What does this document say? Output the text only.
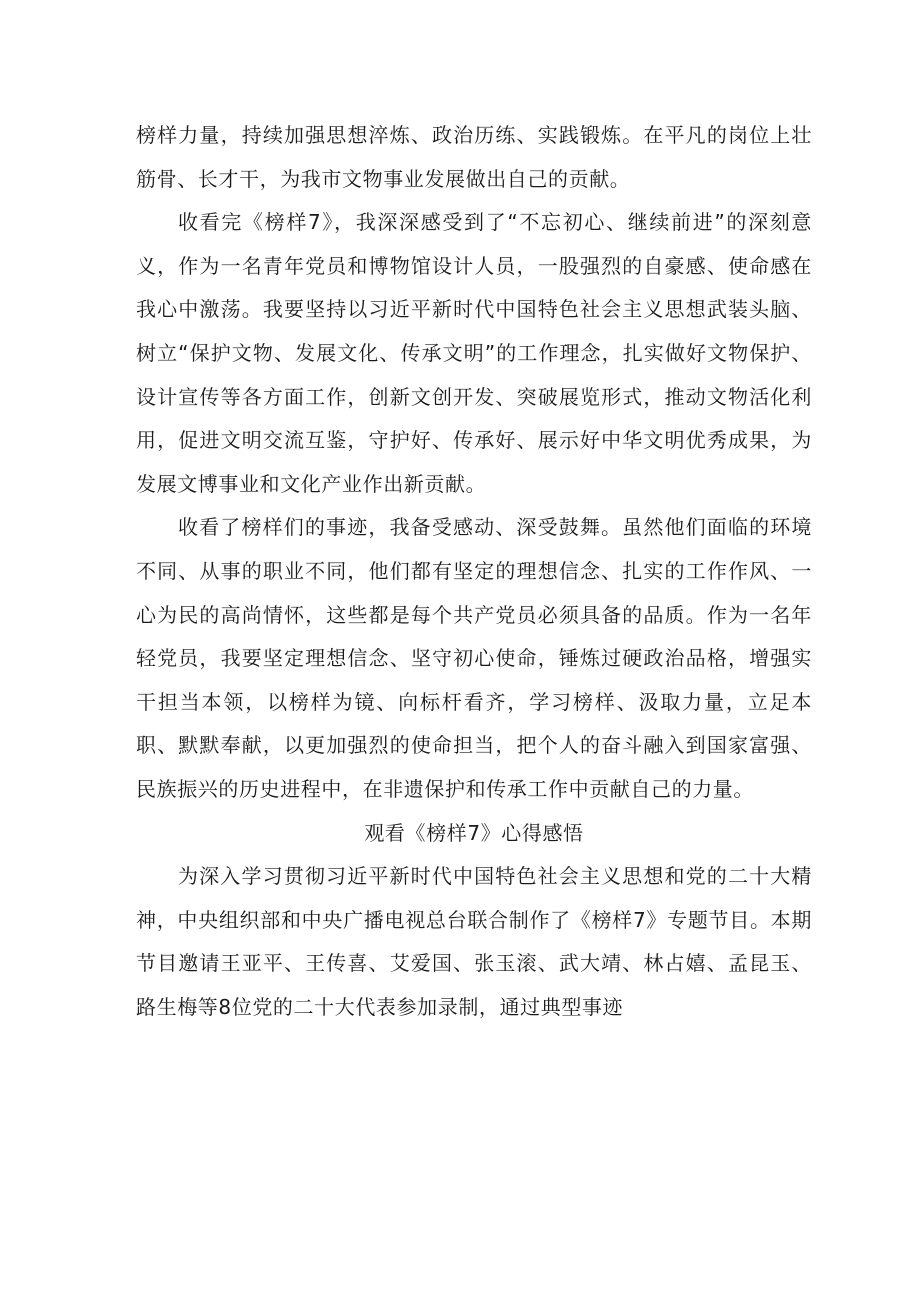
榜样力量，持续加强思想淬炼、政治历练、实践锻炼。在平凡的岗位上壮筋骨、长才干，为我市文物事业发展做出自己的贡献。

收看完《榜样7》，我深深感受到了“不忘初心、继续前进”的深刻意义，作为一名青年党员和博物馆设计人员，一股强烈的自豪感、使命感在我心中激荡。我要坚持以习近平新时代中国特色社会主义思想武装头脑、树立“保护文物、发展文化、传承文明”的工作理念，扎实做好文物保护、设计宣传等各方面工作，创新文创开发、突破展览形式，推动文物活化利用，促进文明交流互鉴，守护好、传承好、展示好中华文明优秀成果，为发展文博事业和文化产业作出新贡献。

收看了榜样们的事迹，我备受感动、深受鼓舞。虽然他们面临的环境不同、从事的职业不同，他们都有坚定的理想信念、扎实的工作作风、一心为民的高尚情怀，这些都是每个共产党员必须具备的品质。作为一名年轻党员，我要坚定理想信念、坚守初心使命，锤炼过硬政治品格，增强实干担当本领，以榜样为镜、向标杆看齐，学习榜样、汲取力量，立足本职、默默奉献，以更加强烈的使命担当，把个人的奋斗融入到国家富强、民族振兴的历史进程中，在非遗保护和传承工作中贡献自己的力量。

观看《榜样7》心得感悟

为深入学习贯彻习近平新时代中国特色社会主义思想和党的二十大精神，中央组织部和中央广播电视总台联合制作了《榜样7》专题节目。本期节目邀请王亚平、王传喜、艾爱国、张玉滚、武大靖、林占嬉、孟昆玉、路生梅等8位党的二十大代表参加录制，通过典型事迹
